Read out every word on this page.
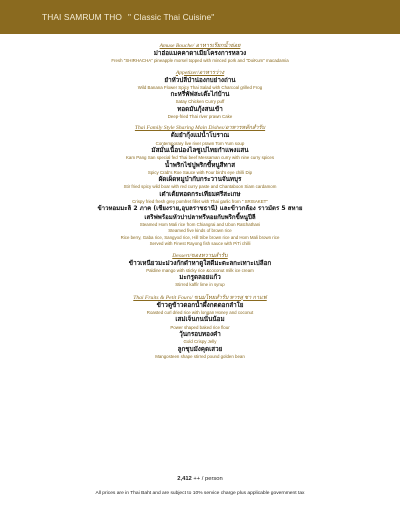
THAI SAMRUM THO " Classic Thai Cuisine"
Amuse Bouche/ อาหารเรียกน้ำย่อย
ม่าฮ่อแมคคาดาเมียโครงการหลวง
Fresh "SHIRHACHA" pineapple morsel topped with minced pork and "DoiKum" macadamia
Appetizer/อาหารว่าง
ยำหัวปลีป่าน่องกบย่างถ่าน
Wild Banana Flower Spicy Thai Salad with Charcoal grilled Frog
กะหรี่พัฟสะเต๊ะไก่บ้าน
Satay Chicken Curry puff
ทอดมันกุ้งสนเข้า
Deep-fried Thai river prawn Cake
Thai Family Style Sharing Main Dishes/อาหารหลักสำรับ
ต้มยำกุ้งแม่น้ำโบราณ
Contemporary live river prawn Tom Yum soup
มัสมั่นเนื้อน่องไลซูเปไทยกำแพงแสน
Kam Pang San special fed Thai beef Messaman curry with nine curry spices
น้ำพริกไข่ปูพริกขี้หนูสีทาส
Spicy Crab's Roe Sauce with Four bird's eye chilli Dip
ผัดเผ็ดหมูป่ากับกระวานจันทบุร
Stir fried spicy wild boar with red curry paste and Chantaboon Siam cardamom
เต๋าเต้ยทอดกระเทียมศรีสะเกษ
Crispy fried fresh grey pomfret fillet with Thai garlic from " SRISAKET"
ข้าวหอมมะลิ 2 ภาค (เชียงราย,อุบลราชธานี) และข้าวกล้อง ราวมัดร 5 สหาย
เสริฟพร้อมหัวปาปลาทรีหอยกับพริกขี้หนูปีลี
Steamed Hom Mali rice from Chiangrai and Ubon Ratchathani
Steamed five kinds of brown rice
Rice berry, Gaba rice, Sangyod rice, Hill tribe brown rice and Hom Mali brown rice
Served with Finest Rayong fish sauce with PiTi chilli
Dessert/ของหวานสำรับ
ข้าวเหนียวมะม่วงกักดำหาดูใสดีมะตะลกะเทาะเปลือก
Paldine mango with sticky rice &coconut milk ice cream
มะกรูดลอยแก้ว
Stirred kaffir lime in syrup
Thai Fruits & Petit Fours/ ขนมไทยสำรับ หารสุ ชา กาแฟ
ข้าวตูข้าวดอกน้ำผึ้งกตดอกลำใย
Roasted curl dried rice with longan Honey and coconut
เสม่เจ็นกนนั่นน้อม
Power shaped baked rice flour
วุ้นกรอบทองคำ
Gold Crispy Jelly
ลูกชุบมังคุดเสวย
Mangosteen shape stirred pound golden bean
2,412 ++ / person
All prices are in Thai Baht and are subject to 10% service charge plus applicable government tax
